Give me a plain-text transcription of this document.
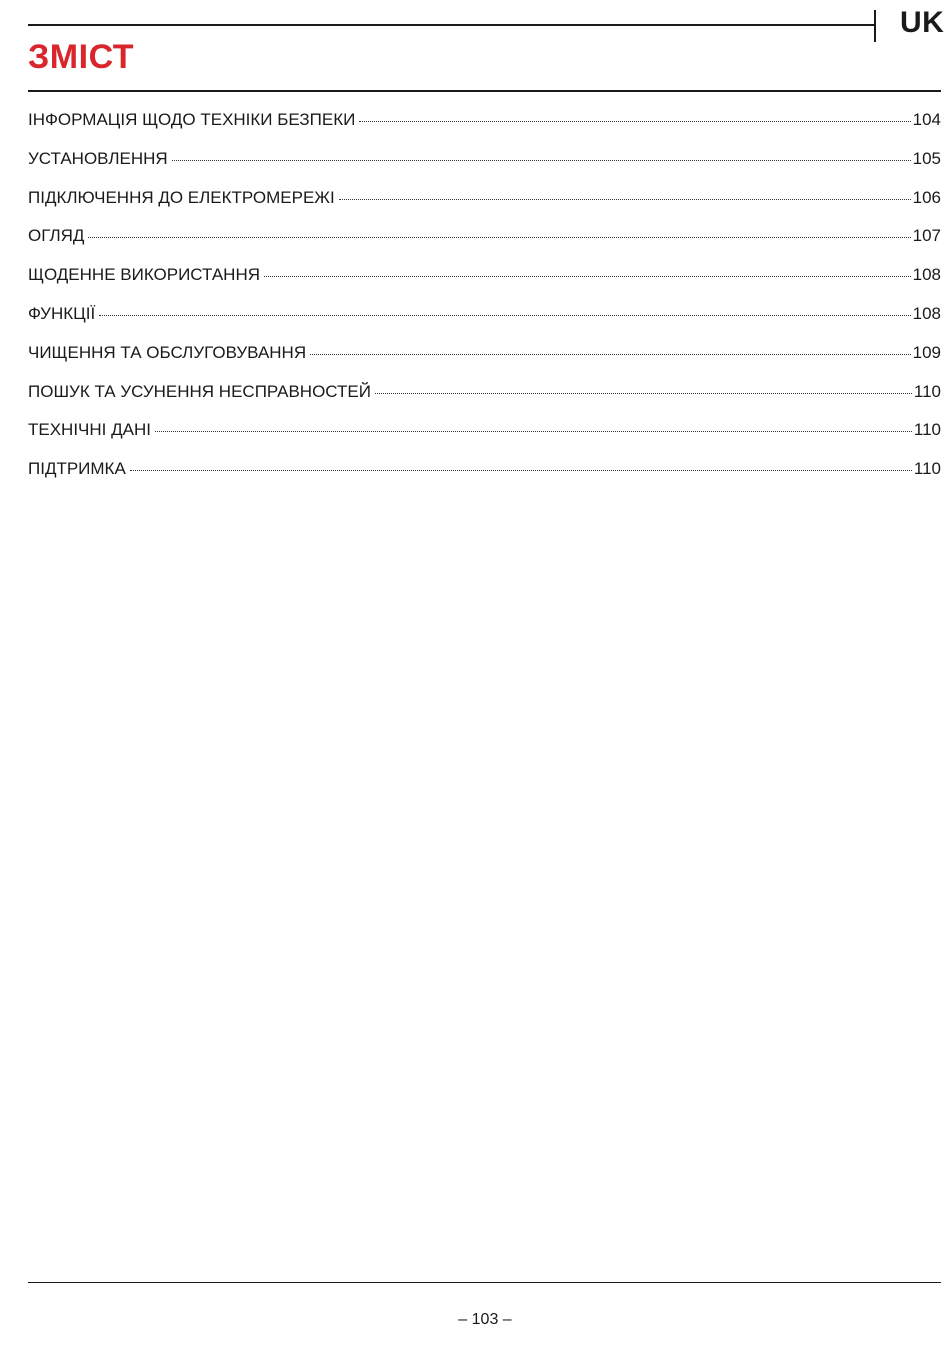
UK
ЗМІСТ
ІНФОРМАЦІЯ ЩОДО ТЕХНІКИ БЕЗПЕКИ	104
УСТАНОВЛЕННЯ	105
ПІДКЛЮЧЕННЯ ДО ЕЛЕКТРОМЕРЕЖІ	106
ОГЛЯД	107
ЩОДЕННЕ ВИКОРИСТАННЯ	108
ФУНКЦІЇ	108
ЧИЩЕННЯ ТА ОБСЛУГОВУВАННЯ	109
ПОШУК ТА УСУНЕННЯ НЕСПРАВНОСТЕЙ	110
ТЕХНІЧНІ ДАНІ	110
ПІДТРИМКА	110
– 103 –
